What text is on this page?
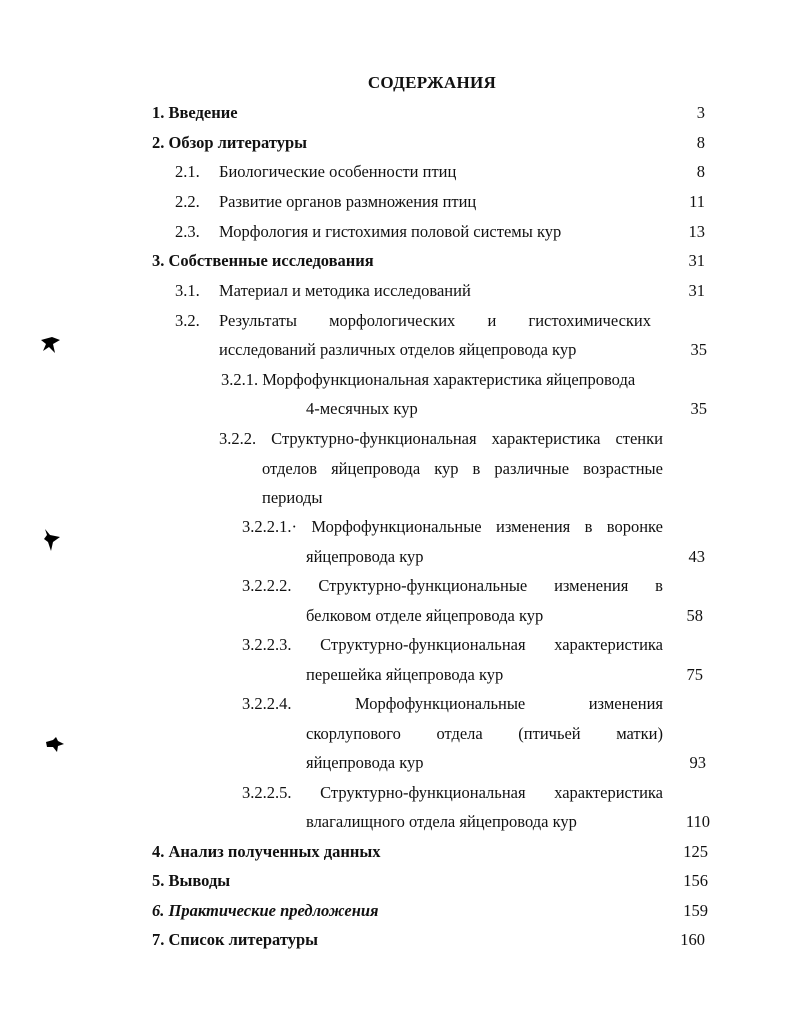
СОДЕРЖАНИЯ
1. Введение	3
2. Обзор литературы	8
2.1. Биологические особенности птиц	8
2.2. Развитие органов размножения птиц	11
2.3. Морфология и гистохимия половой системы кур	13
3. Собственные исследования	31
3.1. Материал и методика исследований	31
3.2. Результаты морфологических и гистохимических
исследований различных отделов яйцепровода кур	35
3.2.1. Морфофункциональная характеристика яйцепровода
4-месячных кур	35
3.2.2. Структурно-функциональная характеристика стенки
отделов яйцепровода кур в различные возрастные
периоды
3.2.2.1.· Морфофункциональные изменения в воронке
яйцепровода кур	43
3.2.2.2. Структурно-функциональные изменения в
белковом отделе яйцепровода кур	58
3.2.2.3. Структурно-функциональная характеристика
перешейка яйцепровода кур	75
3.2.2.4.	Морфофункциональные	изменения
скорлупового отдела (птичьей матки)
яйцепровода кур	93
3.2.2.5. Структурно-функциональная характеристика
влагалищного отдела яйцепровода кур	110
4. Анализ полученных данных	125
5. Выводы	156
6. Практические предложения	159
7. Список литературы	160
